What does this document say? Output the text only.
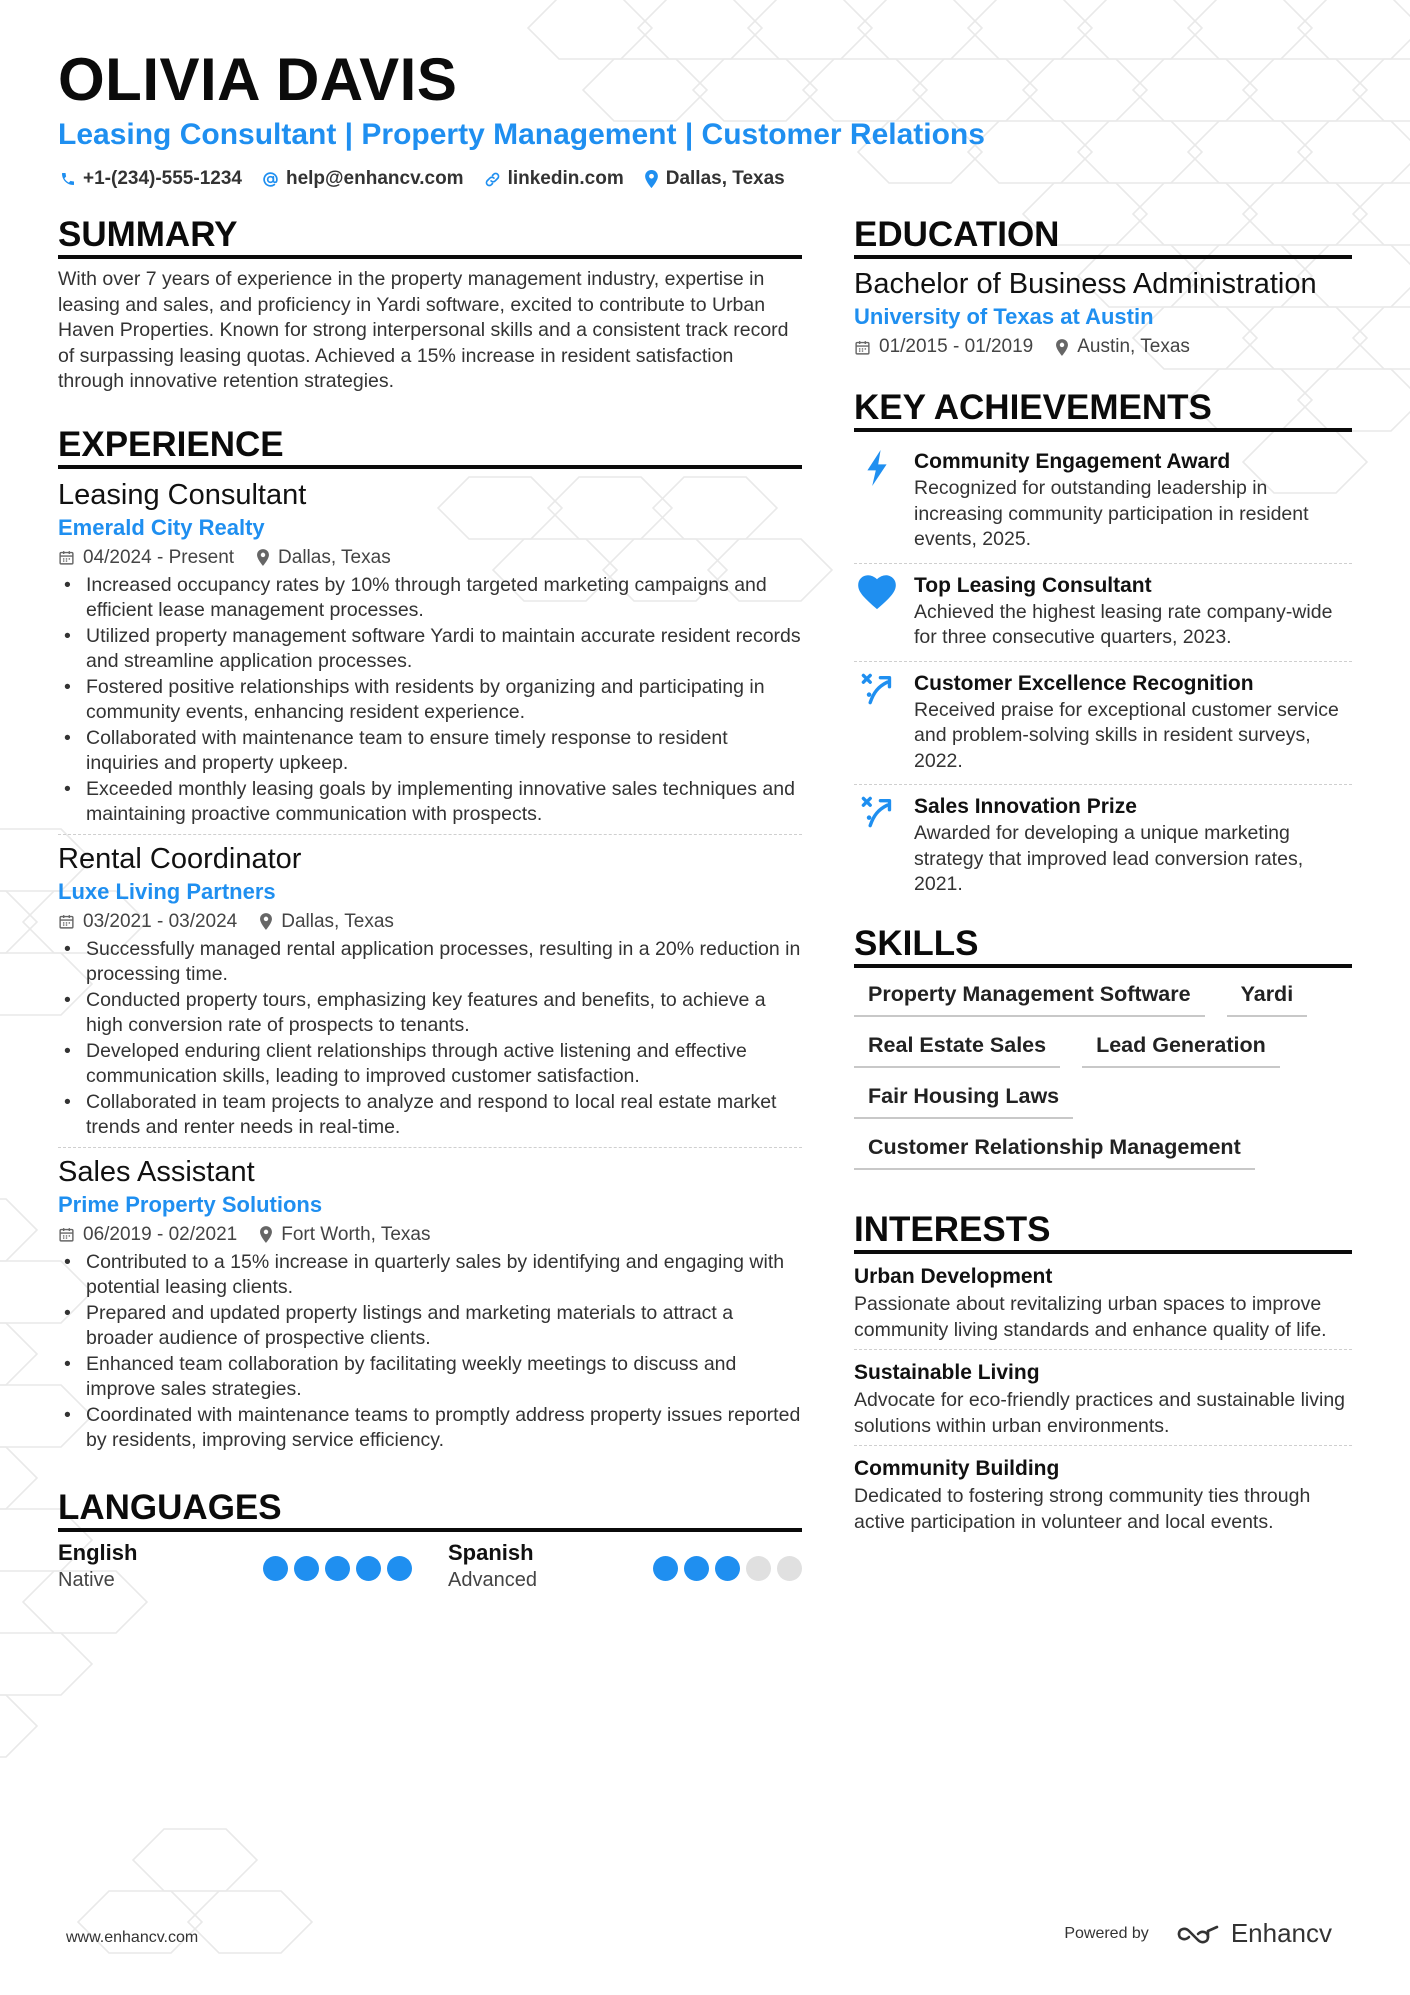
OLIVIA DAVIS
Leasing Consultant | Property Management | Customer Relations
+1-(234)-555-1234 help@enhancv.com linkedin.com Dallas, Texas
SUMMARY
With over 7 years of experience in the property management industry, expertise in leasing and sales, and proficiency in Yardi software, excited to contribute to Urban Haven Properties. Known for strong interpersonal skills and a consistent track record of surpassing leasing quotas. Achieved a 15% increase in resident satisfaction through innovative retention strategies.
EXPERIENCE
Leasing Consultant
Emerald City Realty
04/2024 - Present Dallas, Texas
• Increased occupancy rates by 10% through targeted marketing campaigns and efficient lease management processes.
• Utilized property management software Yardi to maintain accurate resident records and streamline application processes.
• Fostered positive relationships with residents by organizing and participating in community events, enhancing resident experience.
• Collaborated with maintenance team to ensure timely response to resident inquiries and property upkeep.
• Exceeded monthly leasing goals by implementing innovative sales techniques and maintaining proactive communication with prospects.
Rental Coordinator
Luxe Living Partners
03/2021 - 03/2024 Dallas, Texas
• Successfully managed rental application processes, resulting in a 20% reduction in processing time.
• Conducted property tours, emphasizing key features and benefits, to achieve a high conversion rate of prospects to tenants.
• Developed enduring client relationships through active listening and effective communication skills, leading to improved customer satisfaction.
• Collaborated in team projects to analyze and respond to local real estate market trends and renter needs in real-time.
Sales Assistant
Prime Property Solutions
06/2019 - 02/2021 Fort Worth, Texas
• Contributed to a 15% increase in quarterly sales by identifying and engaging with potential leasing clients.
• Prepared and updated property listings and marketing materials to attract a broader audience of prospective clients.
• Enhanced team collaboration by facilitating weekly meetings to discuss and improve sales strategies.
• Coordinated with maintenance teams to promptly address property issues reported by residents, improving service efficiency.
LANGUAGES
English
Native
Spanish
Advanced
EDUCATION
Bachelor of Business Administration
University of Texas at Austin
01/2015 - 01/2019 Austin, Texas
KEY ACHIEVEMENTS
Community Engagement Award
Recognized for outstanding leadership in increasing community participation in resident events, 2025.
Top Leasing Consultant
Achieved the highest leasing rate company-wide for three consecutive quarters, 2023.
Customer Excellence Recognition
Received praise for exceptional customer service and problem-solving skills in resident surveys, 2022.
Sales Innovation Prize
Awarded for developing a unique marketing strategy that improved lead conversion rates, 2021.
SKILLS
Property Management Software	Yardi
Real Estate Sales	Lead Generation
Fair Housing Laws
Customer Relationship Management
INTERESTS
Urban Development
Passionate about revitalizing urban spaces to improve community living standards and enhance quality of life.
Sustainable Living
Advocate for eco-friendly practices and sustainable living solutions within urban environments.
Community Building
Dedicated to fostering strong community ties through active participation in volunteer and local events.
www.enhancv.com	Powered by	Enhancv
